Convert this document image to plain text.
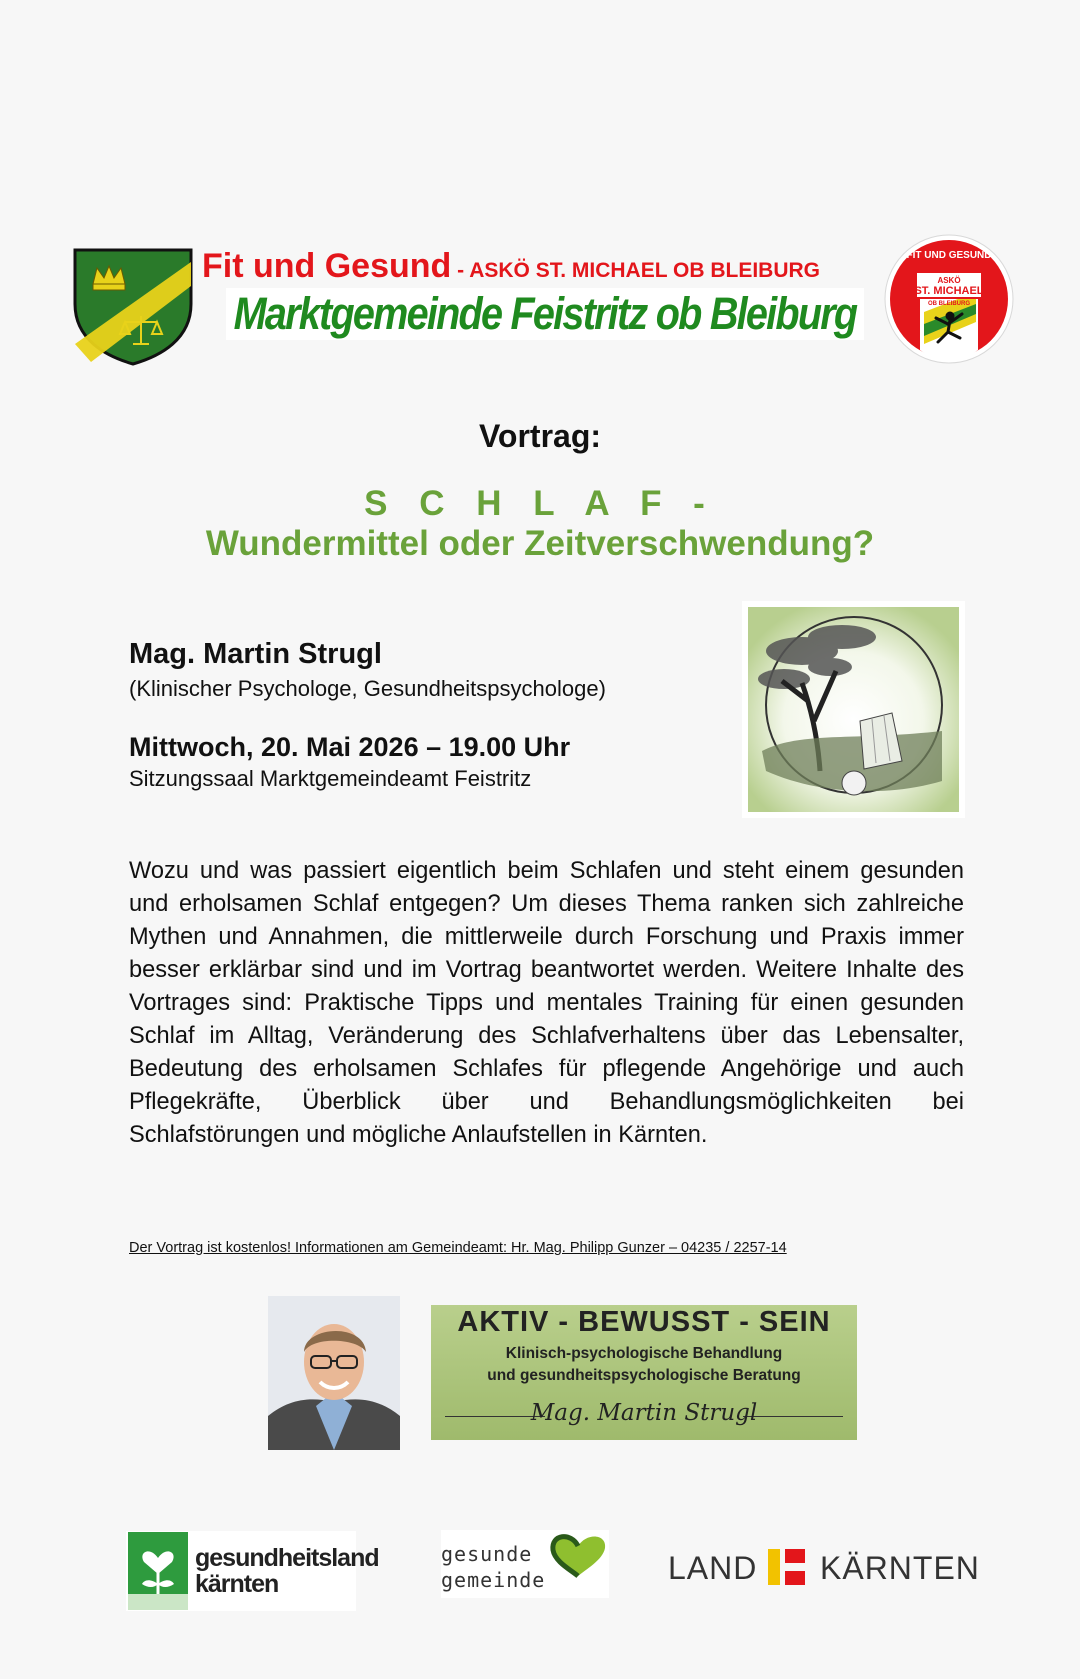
Fit und Gesund - ASKÖ ST. MICHAEL OB BLEIBURG
Marktgemeinde Feistritz ob Bleiburg
ASKÖ
ST. MICHAEL
OB BLEIBURG
FIT UND GESUND
Vortrag:
S C H L A F -
Wundermittel oder Zeitverschwendung?
Mag. Martin Strugl
(Klinischer Psychologe, Gesundheitspsychologe)
Mittwoch, 20. Mai 2026 – 19.00 Uhr
Sitzungssaal Marktgemeindeamt Feistritz
Wozu und was passiert eigentlich beim Schlafen und steht einem gesunden und erholsamen Schlaf entgegen? Um dieses Thema ranken sich zahlreiche Mythen und Annahmen, die mittlerweile durch Forschung und Praxis immer besser erklärbar sind und im Vortrag beantwortet werden. Weitere Inhalte des Vortrages sind: Praktische Tipps und mentales Training für einen gesunden Schlaf im Alltag, Veränderung des Schlafverhaltens über das Lebensalter, Bedeutung des erholsamen Schlafes für pflegende Angehörige und auch Pflegekräfte, Überblick über und Behandlungsmöglichkeiten bei Schlafstörungen und mögliche Anlaufstellen in Kärnten.
Der Vortrag ist kostenlos! Informationen am Gemeindeamt: Hr. Mag. Philipp Gunzer – 04235 / 2257-14
AKTIV - BEWUSST - SEIN
Klinisch-psychologische Behandlung
und gesundheitspsychologische Beratung
Mag. Martin Strugl
gesundheitsland
kärnten
gesunde
gemeinde	LAND KÄRNTEN
